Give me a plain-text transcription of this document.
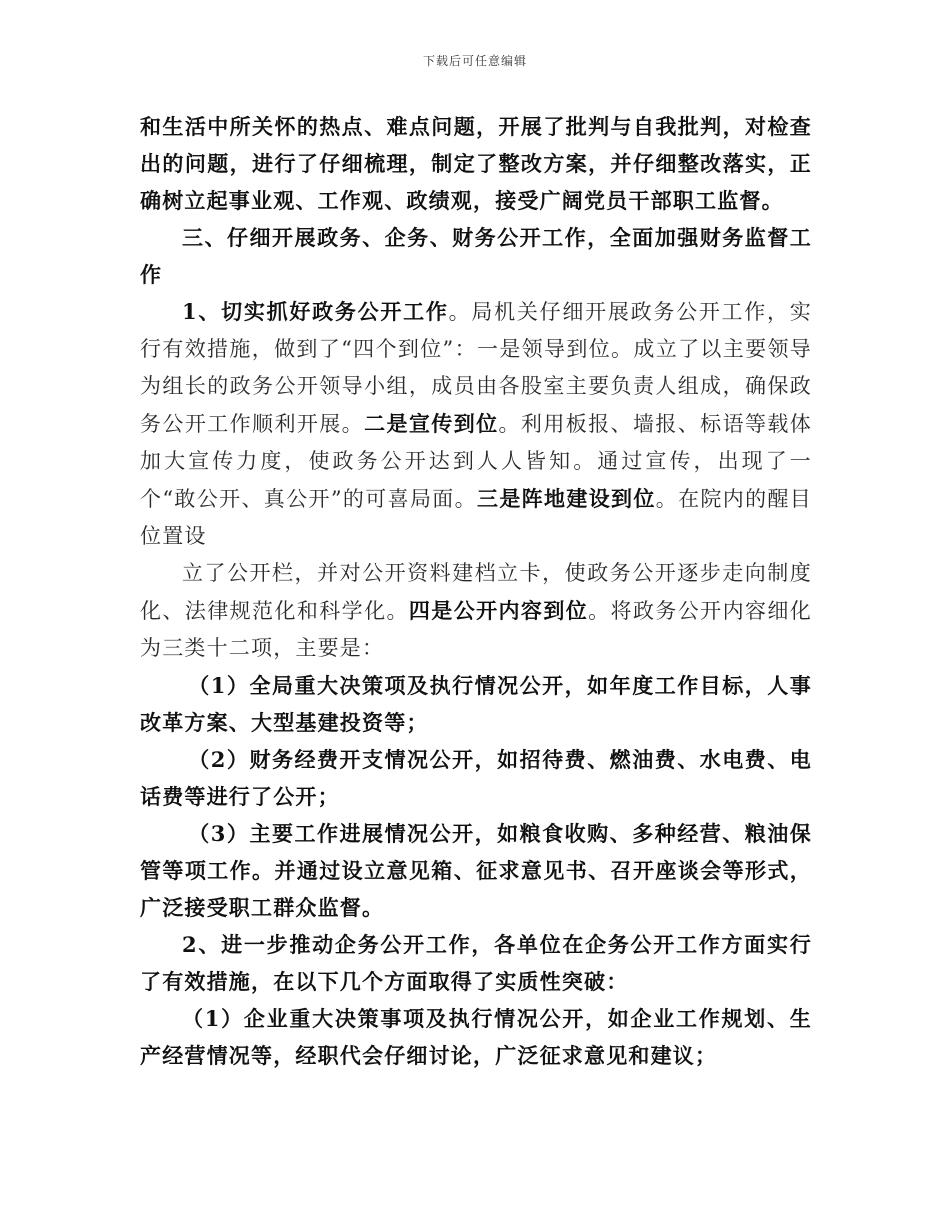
下载后可任意编辑

和生活中所关怀的热点、难点问题，开展了批判与自我批判，对检查出的问题，进行了仔细梳理，制定了整改方案，并仔细整改落实，正确树立起事业观、工作观、政绩观，接受广阔党员干部职工监督。

三、仔细开展政务、企务、财务公开工作，全面加强财务监督工作

1、切实抓好政务公开工作。局机关仔细开展政务公开工作，实行有效措施，做到了“四个到位”：一是领导到位。成立了以主要领导为组长的政务公开领导小组，成员由各股室主要负责人组成，确保政务公开工作顺利开展。二是宣传到位。利用板报、墙报、标语等载体加大宣传力度，使政务公开达到人人皆知。通过宣传，出现了一个“敢公开、真公开”的可喜局面。三是阵地建设到位。在院内的醒目位置设

立了公开栏，并对公开资料建档立卡，使政务公开逐步走向制度化、法律规范化和科学化。四是公开内容到位。将政务公开内容细化为三类十二项，主要是：

（1）全局重大决策项及执行情况公开，如年度工作目标，人事改革方案、大型基建投资等；

（2）财务经费开支情况公开，如招待费、燃油费、水电费、电话费等进行了公开；

（3）主要工作进展情况公开，如粮食收购、多种经营、粮油保管等项工作。并通过设立意见箱、征求意见书、召开座谈会等形式，广泛接受职工群众监督。

2、进一步推动企务公开工作，各单位在企务公开工作方面实行了有效措施，在以下几个方面取得了实质性突破：

（1）企业重大决策事项及执行情况公开，如企业工作规划、生产经营情况等，经职代会仔细讨论，广泛征求意见和建议；
